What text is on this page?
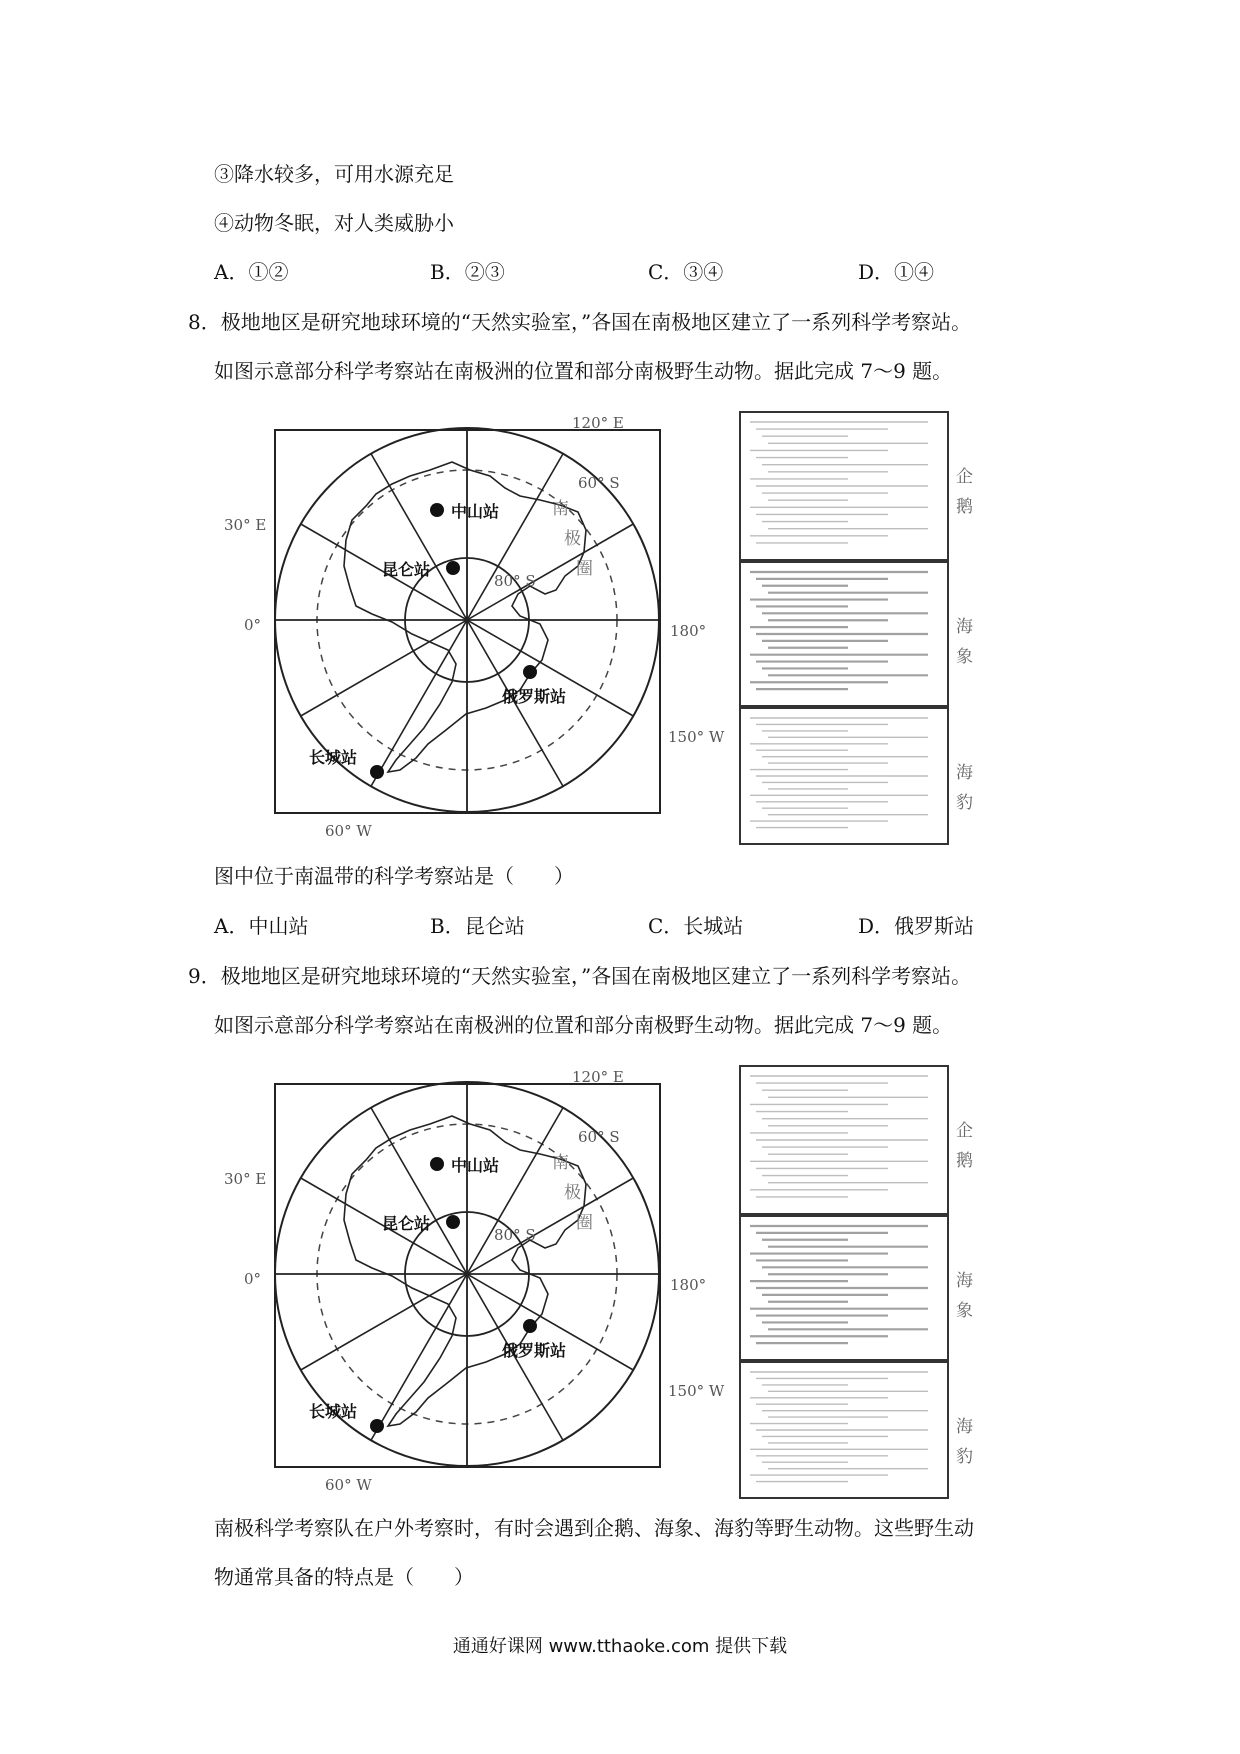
③降水较多，可用水源充足
④动物冬眠，对人类威胁小
A．①②	B．②③	C．③④	D．①④
8．极地地区是研究地球环境的“天然实验室，”各国在南极地区建立了一系列科学考察站。
如图示意部分科学考察站在南极洲的位置和部分南极野生动物。据此完成 7～9 题。
中山站
昆仑站
俄罗斯站
长城站
120° E
30° E
0°	180°
150° W
60° W
60° S
80° S
南
极
圈
企
鹅
海
象
海
豹
中山站
昆仑站
俄罗斯站
长城站
120° E
30° E
0°	180°
150° W
60° W
60° S
80° S
南
极
圈
企
鹅
海
象
海
豹
图中位于南温带的科学考察站是（　　）
A．中山站	B．昆仑站	C．长城站	D．俄罗斯站
9．极地地区是研究地球环境的“天然实验室，”各国在南极地区建立了一系列科学考察站。
如图示意部分科学考察站在南极洲的位置和部分南极野生动物。据此完成 7～9 题。
南极科学考察队在户外考察时，有时会遇到企鹅、海象、海豹等野生动物。这些野生动
物通常具备的特点是（　　）
通通好课网 www.tthaoke.com 提供下载
